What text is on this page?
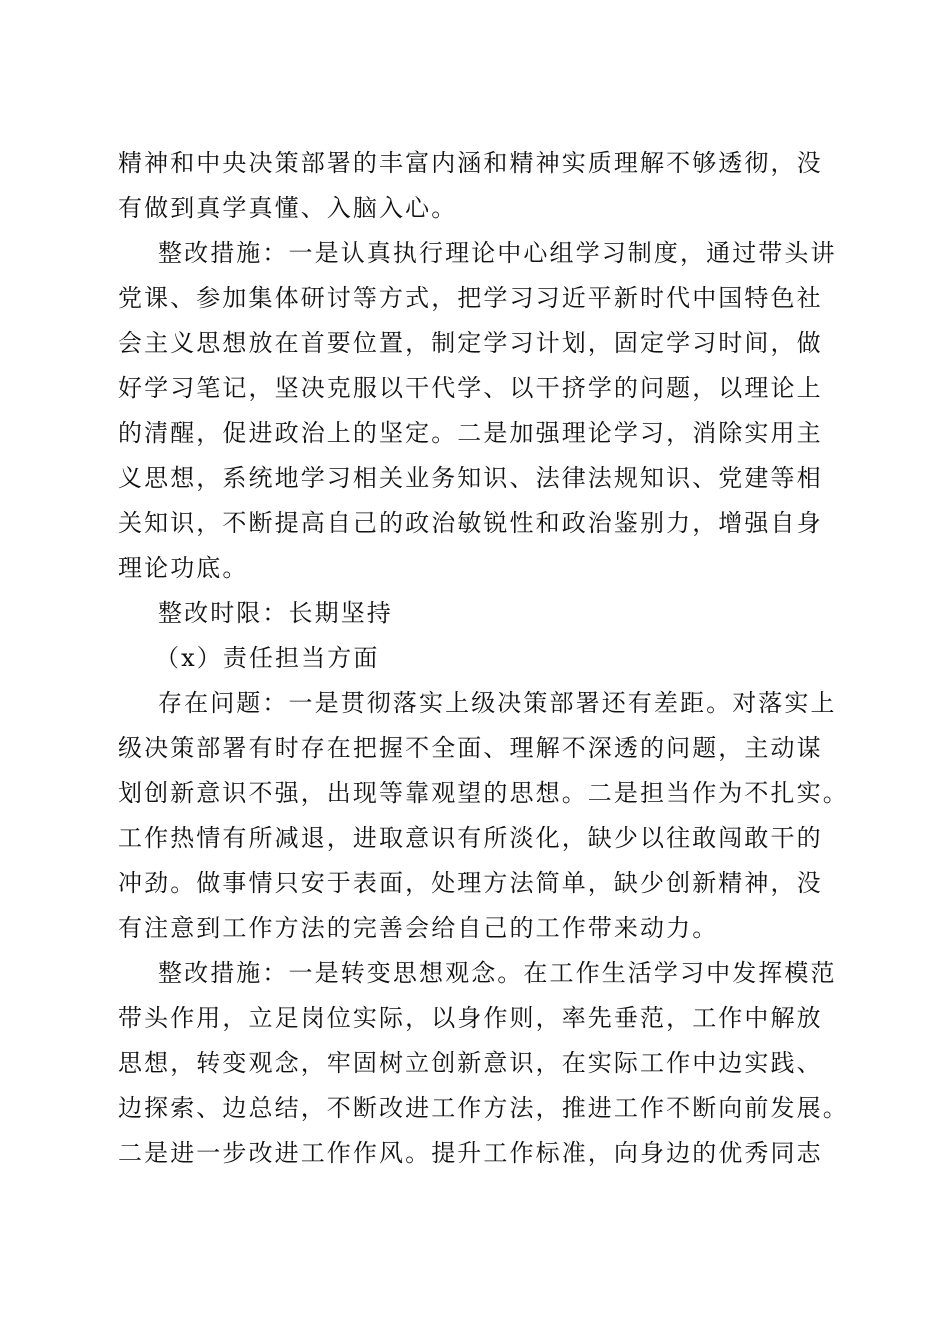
精神和中央决策部署的丰富内涵和精神实质理解不够透彻，没
有做到真学真懂、入脑入心。
整改措施：一是认真执行理论中心组学习制度，通过带头讲
党课、参加集体研讨等方式，把学习习近平新时代中国特色社
会主义思想放在首要位置，制定学习计划，固定学习时间，做
好学习笔记，坚决克服以干代学、以干挤学的问题，以理论上
的清醒，促进政治上的坚定。二是加强理论学习，消除实用主
义思想，系统地学习相关业务知识、法律法规知识、党建等相
关知识，不断提高自己的政治敏锐性和政治鉴别力，增强自身
理论功底。
整改时限：长期坚持
（x）责任担当方面
存在问题：一是贯彻落实上级决策部署还有差距。对落实上
级决策部署有时存在把握不全面、理解不深透的问题，主动谋
划创新意识不强，出现等靠观望的思想。二是担当作为不扎实。
工作热情有所减退，进取意识有所淡化，缺少以往敢闯敢干的
冲劲。做事情只安于表面，处理方法简单，缺少创新精神，没
有注意到工作方法的完善会给自己的工作带来动力。
整改措施：一是转变思想观念。在工作生活学习中发挥模范
带头作用，立足岗位实际，以身作则，率先垂范，工作中解放
思想，转变观念，牢固树立创新意识，在实际工作中边实践、
边探索、边总结，不断改进工作方法，推进工作不断向前发展。
二是进一步改进工作作风。提升工作标准，向身边的优秀同志
